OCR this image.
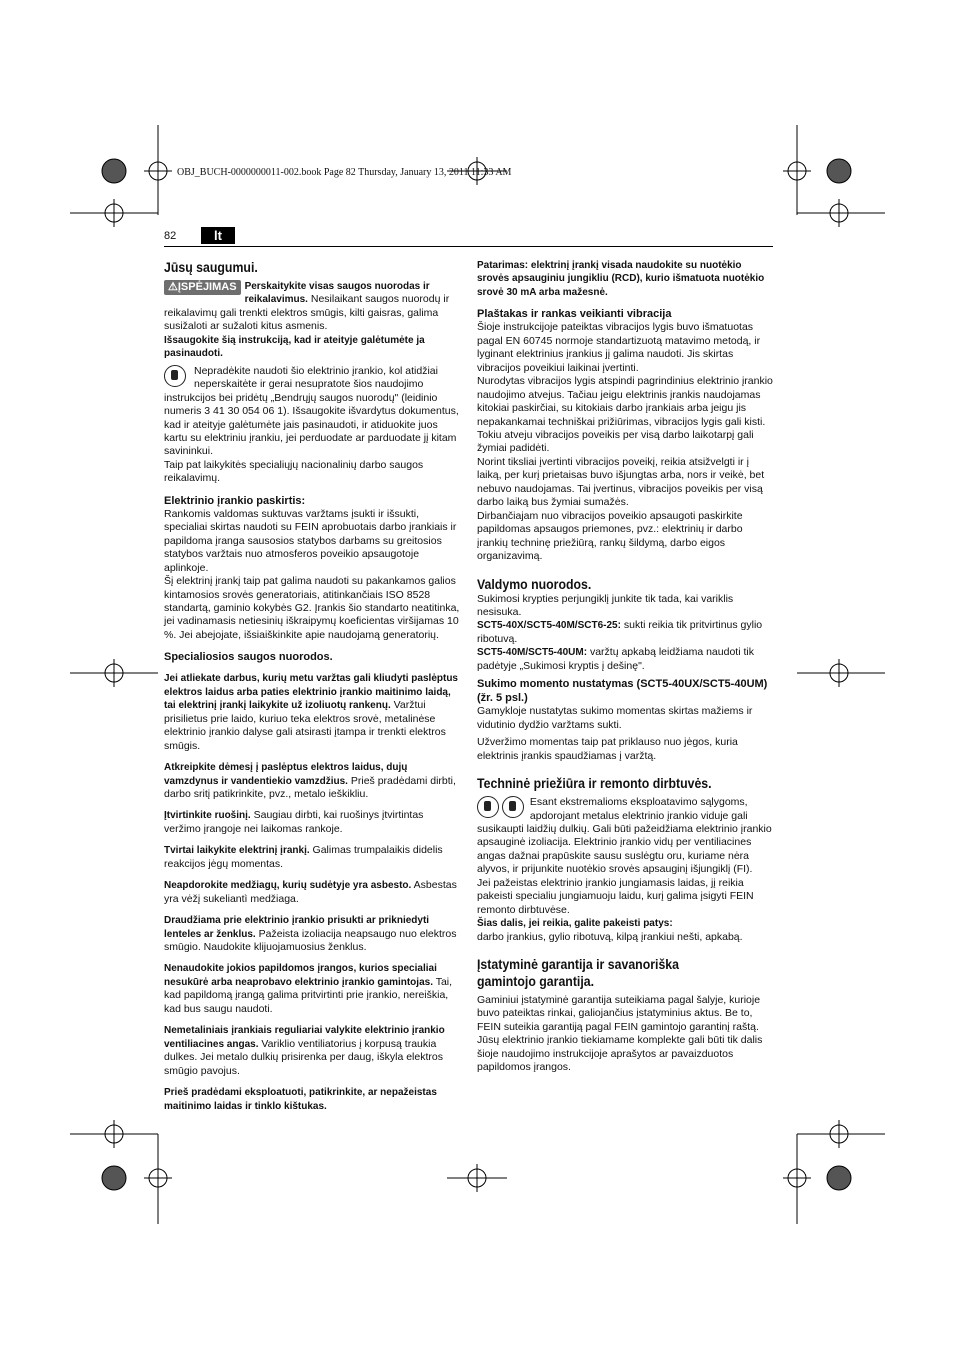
OBJ_BUCH-0000000011-002.book Page 82 Thursday, January 13, 2011 11:33 AM
82	lt
Jūsų saugumui.

⚠ĮSPĖJIMAS Perskaitykite visas saugos nuorodas ir reikalavimus. Nesilaikant saugos nuorodų ir reikalavimų gali trenkti elektros smūgis, kilti gaisras, galima susižaloti ar sužaloti kitus asmenis.

Išsaugokite šią instrukciją, kad ir ateityje galėtumėte ja pasinaudoti.

Nepradėkite naudoti šio elektrinio įrankio, kol atidžiai neperskaitėte ir gerai nesupratote šios naudojimo instrukcijos bei pridėtų „Bendrųjų saugos nuorodų" (leidinio numeris 3 41 30 054 06 1). Išsaugokite išvardytus dokumentus, kad ir ateityje galėtumėte jais pasinaudoti, ir atiduokite juos kartu su elektriniu įrankiu, jei perduodate ar parduodate jį kitam savininkui.

Taip pat laikykitės specialiųjų nacionalinių darbo saugos reikalavimų.

Elektrinio įrankio paskirtis:

Rankomis valdomas suktuvas varžtams įsukti ir išsukti, specialiai skirtas naudoti su FEIN aprobuotais darbo įrankiais ir papildoma įranga sausosios statybos darbams su greitosios statybos varžtais nuo atmosferos poveikio apsaugotoje aplinkoje.

Šį elektrinį įrankį taip pat galima naudoti su pakankamos galios kintamosios srovės generatoriais, atitinkančiais ISO 8528 standartą, gaminio kokybės G2. Įrankis šio standarto neatitinka, jei vadinamasis netiesinių iškraipymų koeficientas viršijamas 10 %. Jei abejojate, išsiaiškinkite apie naudojamą generatorių.

Specialiosios saugos nuorodos.

Jei atliekate darbus, kurių metu varžtas gali kliudyti paslėptus elektros laidus arba paties elektrinio įrankio maitinimo laidą, tai elektrinį įrankį laikykite už izoliuotų rankenų. Varžtui prisilietus prie laido, kuriuo teka elektros srovė, metalinėse elektrinio įrankio dalyse gali atsirasti įtampa ir trenkti elektros smūgis.

Atkreipkite dėmesį į paslėptus elektros laidus, dujų vamzdynus ir vandentiekio vamzdžius. Prieš pradėdami dirbti, darbo sritį patikrinkite, pvz., metalo ieškikliu.

Įtvirtinkite ruošinį. Saugiau dirbti, kai ruošinys įtvirtintas veržimo įrangoje nei laikomas rankoje.

Tvirtai laikykite elektrinį įrankį. Galimas trumpalaikis didelis reakcijos jėgų momentas.

Neapdorokite medžiagų, kurių sudėtyje yra asbesto. Asbestas yra vėžį sukeliantì medžiaga.

Draudžiama prie elektrinio įrankio prisukti ar prikniedyti lenteles ar ženklus. Pažeista izoliacija neapsaugo nuo elektros smūgio. Naudokite klijuojamuosius ženklus.

Nenaudokite jokios papildomos įrangos, kurios specialiai nesukūrė arba neaprobavo elektrinio įrankio gamintojas. Tai, kad papildomą įrangą galima pritvirtinti prie įrankio, nereiškia, kad bus saugu naudoti.

Nemetaliniais įrankiais reguliariai valykite elektrinio įrankio ventiliacines angas. Variklio ventiliatorius į korpusą traukia dulkes. Jei metalo dulkių prisirenka per daug, iškyla elektros smūgio pavojus.

Prieš pradėdami eksploatuoti, patikrinkite, ar nepažeistas maitinimo laidas ir tinklo kištukas.

Patarimas: elektrinį įrankį visada naudokite su nuotėkio srovės apsauginiu jungikliu (RCD), kurio išmatuota nuotėkio srovė 30 mA arba mažesnė.

Plaštakas ir rankas veikianti vibracija

Šioje instrukcijoje pateiktas vibracijos lygis buvo išmatuotas pagal EN 60745 normoje standartizuotą matavimo metodą, ir lyginant elektrinius įrankius jį galima naudoti. Jis skirtas vibracijos poveikiui laikinai įvertinti.

Nurodytas vibracijos lygis atspindi pagrindinius elektrinio įrankio naudojimo atvejus. Tačiau jeigu elektrinis įrankis naudojamas kitokiai paskirčiai, su kitokiais darbo įrankiais arba jeigu jis nepakankamai techniškai prižiūrimas, vibracijos lygis gali kisti. Tokiu atveju vibracijos poveikis per visą darbo laikotarpį gali žymiai padidėti.

Norint tiksliai įvertinti vibracijos poveikį, reikia atsižvelgti ir į laiką, per kurį prietaisas buvo išjungtas arba, nors ir veikė, bet nebuvo naudojamas. Tai įvertinus, vibracijos poveikis per visą darbo laiką bus žymiai sumažės.

Dirbančiajam nuo vibracijos poveikio apsaugoti paskirkite papildomas apsaugos priemones, pvz.: elektrinių ir darbo įrankių techninę priežiūrą, rankų šildymą, darbo eigos organizavimą.

Valdymo nuorodos.

Sukimosi krypties perjungiklį junkite tik tada, kai variklis nesisuka.

SCT5-40X/SCT5-40M/SCT6-25: sukti reikia tik pritvirtinus gylio ribotuvą.

SCT5-40M/SCT5-40UM: varžtų apkabą leidžiama naudoti tik padėtyje „Sukimosi kryptis į dešinę".

Sukimo momento nustatymas (SCT5-40UX/SCT5-40UM) (žr. 5 psl.)

Gamykloje nustatytas sukimo momentas skirtas mažiems ir vidutinio dydžio varžtams sukti.

Užveržimo momentas taip pat priklauso nuo jėgos, kuria elektrinis įrankis spaudžiamas į varžtą.

Techninė priežiūra ir remonto dirbtuvės.

Esant ekstremalioms eksploatavimo sąlygoms, apdorojant metalus elektrinio įrankio viduje gali susikaupti laidžių dulkių. Gali būti pažeidžiama elektrinio įrankio apsauginė izoliacija. Elektrinio įrankio vidų per ventiliacines angas dažnai prapūskite sausu suslėgtu oru, kuriame nėra alyvos, ir prijunkite nuotėkio srovės apsauginį išjungiklį (FI).

Jei pažeistas elektrinio įrankio jungiamasis laidas, jį reikia pakeisti specialiu jungiamuoju laidu, kurį galima įsigyti FEIN remonto dirbtuvėse.

Šias dalis, jei reikia, galite pakeisti patys:

darbo įrankius, gylio ribotuvą, kilpą įrankiui nešti, apkabą.

Įstatyminė garantija ir savanoriška
gamintojo garantija.

Gaminiui įstatyminė garantija suteikiama pagal šalyje, kurioje buvo pateiktas rinkai, galiojančius įstatyminius aktus. Be to, FEIN suteikia garantiją pagal FEIN gamintojo garantinį raštą.

Jūsų elektrinio įrankio tiekiamame komplekte gali būti tik dalis šioje naudojimo instrukcijoje aprašytos ar pavaizduotos papildomos įrangos.
